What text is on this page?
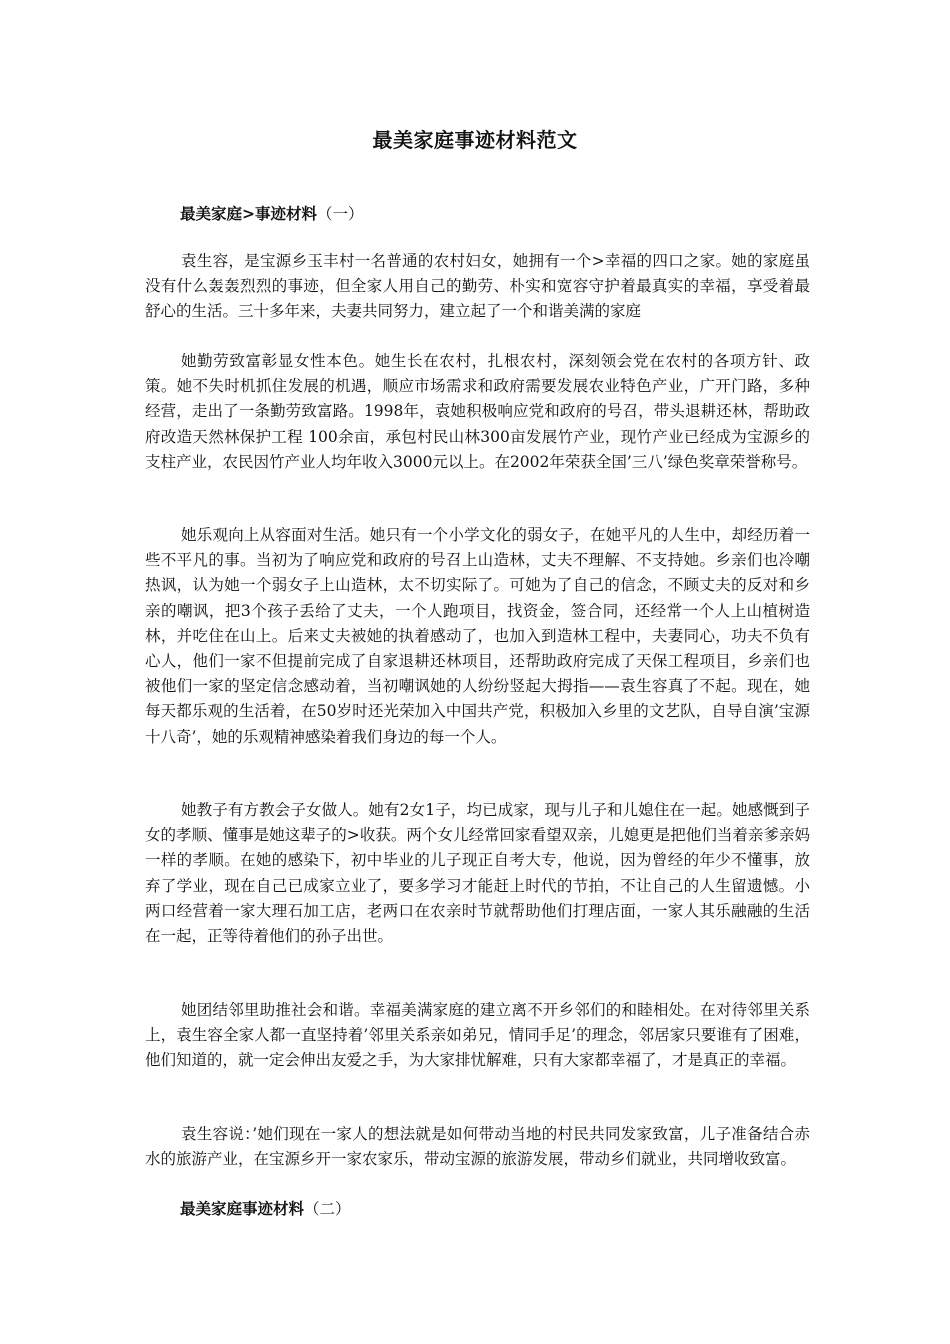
最美家庭事迹材料范文
最美家庭>事迹材料（一）

袁生容，是宝源乡玉丰村一名普通的农村妇女，她拥有一个>幸福的四口之家。她的家庭虽没有什么轰轰烈烈的事迹，但全家人用自己的勤劳、朴实和宽容守护着最真实的幸福，享受着最舒心的生活。三十多年来，夫妻共同努力，建立起了一个和谐美满的家庭

她勤劳致富彰显女性本色。她生长在农村，扎根农村，深刻领会党在农村的各项方针、政策。她不失时机抓住发展的机遇，顺应市场需求和政府需要发展农业特色产业，广开门路，多种经营，走出了一条勤劳致富路。1998年，袁她积极响应党和政府的号召，带头退耕还林，帮助政府改造天然林保护工程 100余亩，承包村民山林300亩发展竹产业，现竹产业已经成为宝源乡的支柱产业，农民因竹产业人均年收入3000元以上。在2002年荣获全国’三八’绿色奖章荣誉称号。

她乐观向上从容面对生活。她只有一个小学文化的弱女子，在她平凡的人生中，却经历着一些不平凡的事。当初为了响应党和政府的号召上山造林，丈夫不理解、不支持她。乡亲们也冷嘲热讽，认为她一个弱女子上山造林，太不切实际了。可她为了自己的信念，不顾丈夫的反对和乡亲的嘲讽，把3个孩子丢给了丈夫，一个人跑项目，找资金，签合同，还经常一个人上山植树造林，并吃住在山上。后来丈夫被她的执着感动了，也加入到造林工程中，夫妻同心，功夫不负有心人，他们一家不但提前完成了自家退耕还林项目，还帮助政府完成了天保工程项目，乡亲们也被他们一家的坚定信念感动着，当初嘲讽她的人纷纷竖起大拇指——袁生容真了不起。现在，她每天都乐观的生活着，在50岁时还光荣加入中国共产党，积极加入乡里的文艺队，自导自演’宝源十八奇’，她的乐观精神感染着我们身边的每一个人。

她教子有方教会子女做人。她有2女1子，均已成家，现与儿子和儿媳住在一起。她感慨到子女的孝顺、懂事是她这辈子的>收获。两个女儿经常回家看望双亲，儿媳更是把他们当着亲爹亲妈一样的孝顺。在她的感染下，初中毕业的儿子现正自考大专，他说，因为曾经的年少不懂事，放弃了学业，现在自己已成家立业了，要多学习才能赶上时代的节拍，不让自己的人生留遗憾。小两口经营着一家大理石加工店，老两口在农亲时节就帮助他们打理店面，一家人其乐融融的生活在一起，正等待着他们的孙子出世。

她团结邻里助推社会和谐。幸福美满家庭的建立离不开乡邻们的和睦相处。在对待邻里关系上，袁生容全家人都一直坚持着’邻里关系亲如弟兄，情同手足’的理念，邻居家只要谁有了困难，他们知道的，就一定会伸出友爱之手，为大家排忧解难，只有大家都幸福了，才是真正的幸福。

袁生容说：’她们现在一家人的想法就是如何带动当地的村民共同发家致富，儿子准备结合赤水的旅游产业，在宝源乡开一家农家乐，带动宝源的旅游发展，带动乡们就业，共同增收致富。

最美家庭事迹材料（二）
